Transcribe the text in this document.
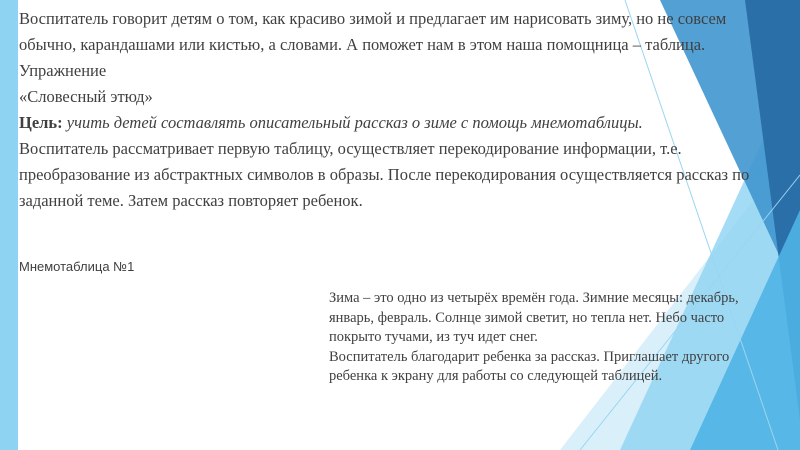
Воспитатель говорит детям о том, как красиво зимой и предлагает им нарисовать зиму, но не совсем обычно, карандашами или кистью, а словами. А поможет нам в этом наша помощница – таблица.

Упражнение

«Словесный этюд»

Цель: учить детей составлять описательный рассказ о зиме с помощь мнемотаблицы.

Воспитатель рассматривает первую таблицу, осуществляет перекодирование информации, т.е. преобразование из абстрактных символов в образы. После перекодирования осуществляется рассказ по заданной теме. Затем рассказ повторяет ребенок.

Мнемотаблица №1

Зима – это одно из четырёх времён года. Зимние месяцы: декабрь, январь, февраль. Солнце зимой светит, но тепла нет. Небо часто покрыто тучами, из туч идет снег.

Воспитатель благодарит ребенка за рассказ. Приглашает другого ребенка к экрану для работы со следующей таблицей.
